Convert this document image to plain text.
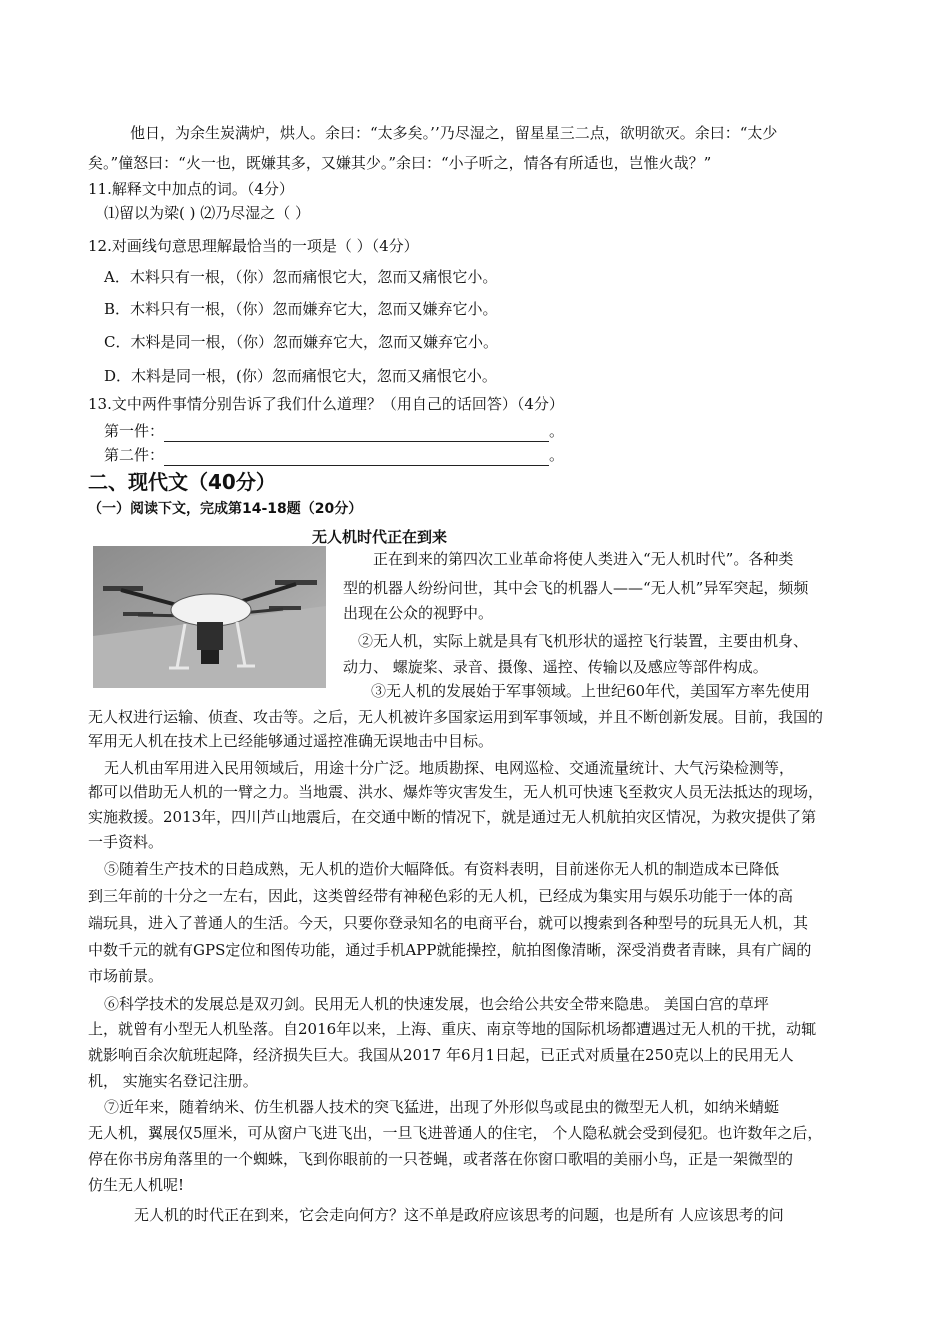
他日，为余生炭满炉，烘人。余曰：“太多矣。’’乃尽湿之，留星星三二点，欲明欲灭。余曰：“太少
矣。”僮怒曰：“火一也，既嫌其多，又嫌其少。”余曰：“小子听之，情各有所适也，岂惟火哉？”
11.解释文中加点的词。（4分）
⑴留以为梁( ) ⑵乃尽湿之（ ）
12.对画线句意思理解最恰当的一项是（ ）（4分）
A．木料只有一根，（你）忽而痛恨它大，忽而又痛恨它小。
B．木料只有一根，（你）忽而嫌弃它大，忽而又嫌弃它小。
C．木料是同一根，（你）忽而嫌弃它大，忽而又嫌弃它小。
D．木料是同一根，(你）忽而痛恨它大，忽而又痛恨它小。
13.文中两件事情分别告诉了我们什么道理？（用自己的话回答）（4分）
第一件：	。
第二件：	。
二、现代文（40分）
（一）阅读下文，完成第14-18题（20分）
无人机时代正在到来
正在到来的第四次工业革命将使人类进入“无人机时代”。各种类
型的机器人纷纷问世，其中会飞的机器人——“无人机”异军突起，频频
出现在公众的视野中。
②无人机，实际上就是具有飞机形状的遥控飞行装置，主要由机身、
动力、 螺旋桨、录音、摄像、遥控、传输以及感应等部件构成。
③无人机的发展始于军事领域。上世纪60年代，美国军方率先使用
无人权进行运输、侦查、攻击等。之后，无人机被许多国家运用到军事领域，并且不断创新发展。目前，我国的
军用无人机在技术上已经能够通过遥控准确无误地击中目标。
无人机由军用进入民用领域后，用途十分广泛。地质勘探、电网巡检、交通流量统计、大气污染检测等，
都可以借助无人机的一臂之力。当地震、洪水、爆炸等灾害发生，无人机可快速飞至救灾人员无法抵达的现场，
实施救援。2013年，四川芦山地震后，在交通中断的情况下，就是通过无人机航拍灾区情况，为救灾提供了第
一手资料。
⑤随着生产技术的日趋成熟，无人机的造价大幅降低。有资料表明，目前迷你无人机的制造成本已降低
到三年前的十分之一左右，因此，这类曾经带有神秘色彩的无人机，已经成为集实用与娱乐功能于一体的高
端玩具，进入了普通人的生活。今天，只要你登录知名的电商平台，就可以搜索到各种型号的玩具无人机，其
中数千元的就有GPS定位和图传功能，通过手机APP就能操控，航拍图像清晰，深受消费者青睐，具有广阔的
市场前景。
⑥科学技术的发展总是双刃剑。民用无人机的快速发展，也会给公共安全带来隐患。 美国白宫的草坪
上，就曾有小型无人机坠落。自2016年以来，上海、重庆、南京等地的国际机场都遭遇过无人机的干扰，动辄
就影响百余次航班起降，经济损失巨大。我国从2017 年6月1日起，已正式对质量在250克以上的民用无人
机， 实施实名登记注册。
⑦近年来，随着纳米、仿生机器人技术的突飞猛进，出现了外形似鸟或昆虫的微型无人机，如纳米蜻蜓
无人机，翼展仅5厘米，可从窗户飞进飞出，一旦飞进普通人的住宅， 个人隐私就会受到侵犯。也许数年之后，
停在你书房角落里的一个蜘蛛，飞到你眼前的一只苍蝇，或者落在你窗口歌唱的美丽小鸟，正是一架微型的
仿生无人机呢!
无人机的时代正在到来，它会走向何方？这不单是政府应该思考的问题，也是所有 人应该思考的问
